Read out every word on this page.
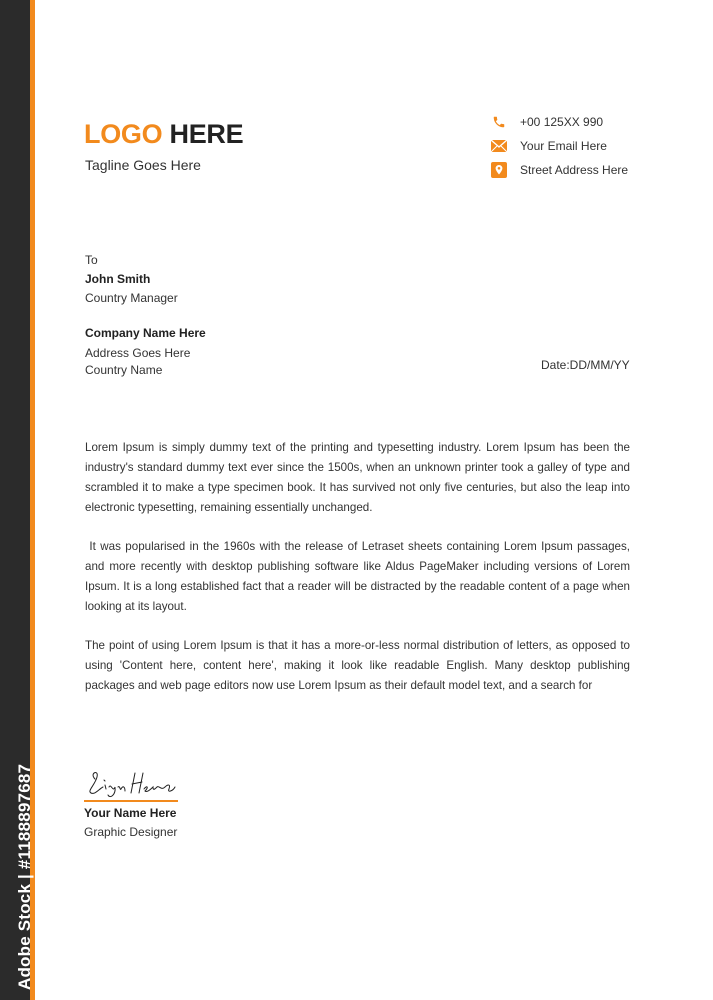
Adobe Stock | #1188897687
LOGO HERE
Tagline Goes Here
+00 125XX 990
Your Email Here
Street Address Here
To
John Smith
Country Manager
Company Name Here
Address Goes Here
Country Name	Date:DD/MM/YY

Lorem Ipsum is simply dummy text of the printing and typesetting industry. Lorem Ipsum has been the industry's standard dummy text ever since the 1500s, when an unknown printer took a galley of type and scrambled it to make a type specimen book. It has survived not only five centuries, but also the leap into electronic typesetting, remaining essentially unchanged.

It was popularised in the 1960s with the release of Letraset sheets containing Lorem Ipsum passages, and more recently with desktop publishing software like Aldus PageMaker including versions of Lorem Ipsum. It is a long established fact that a reader will be distracted by the readable content of a page when looking at its layout.

The point of using Lorem Ipsum is that it has a more-or-less normal distribution of letters, as opposed to using 'Content here, content here', making it look like readable English. Many desktop publishing packages and web page editors now use Lorem Ipsum as their default model text, and a search for

Your Name Here
Graphic Designer
